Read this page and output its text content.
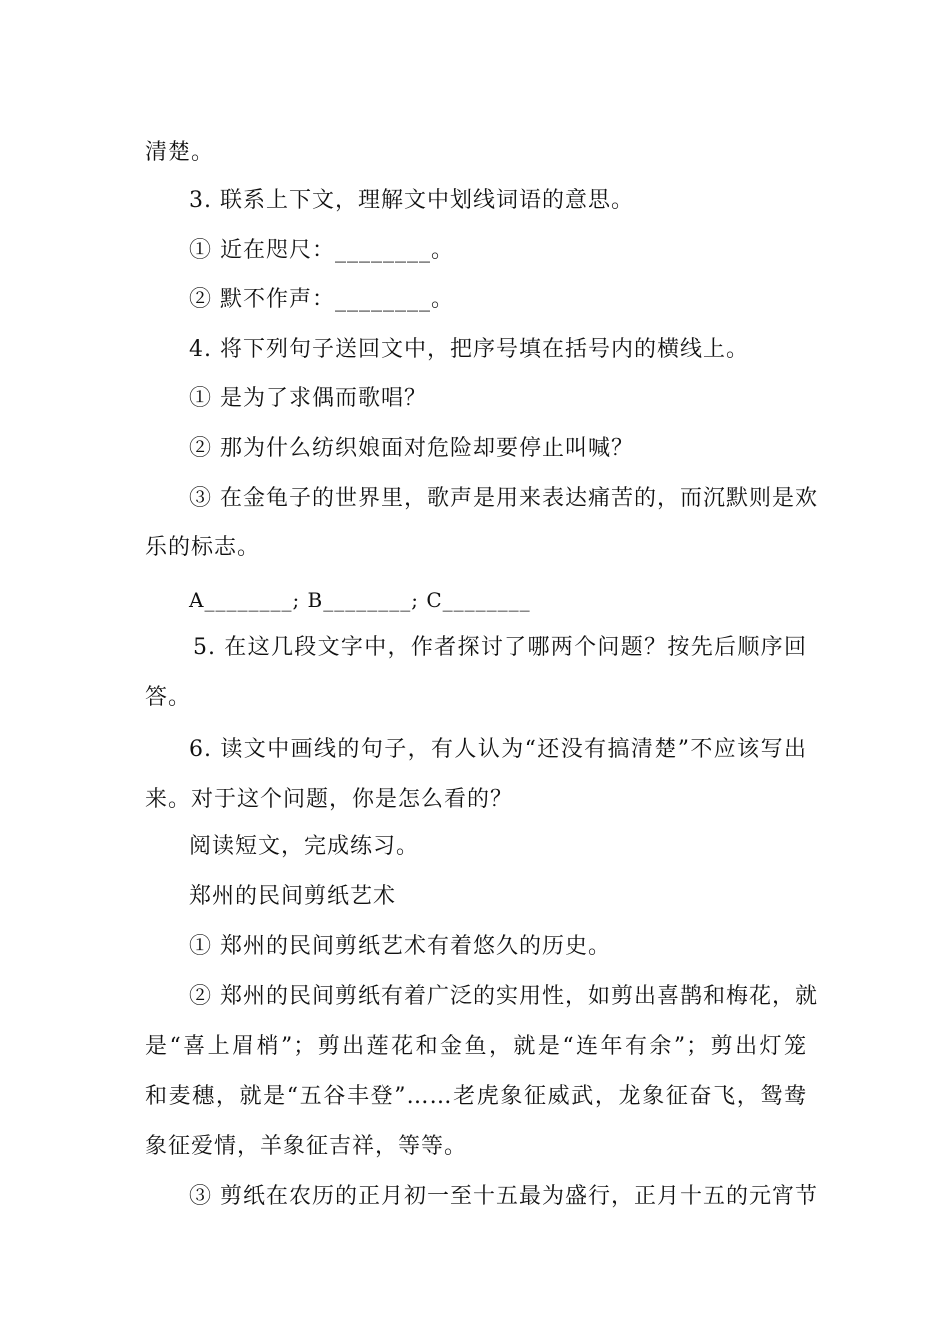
清楚。
3. 联系上下文，理解文中划线词语的意思。
① 近在咫尺：________。
② 默不作声：________。
4. 将下列句子送回文中，把序号填在括号内的横线上。
① 是为了求偶而歌唱？
② 那为什么纺织娘面对危险却要停止叫喊？
③ 在金龟子的世界里，歌声是用来表达痛苦的，而沉默则是欢
乐的标志。
A________; B________; C________
5. 在这几段文字中，作者探讨了哪两个问题？按先后顺序回
答。
6. 读文中画线的句子，有人认为“还没有搞清楚”不应该写出
来。对于这个问题，你是怎么看的？
阅读短文，完成练习。
郑州的民间剪纸艺术
① 郑州的民间剪纸艺术有着悠久的历史。
② 郑州的民间剪纸有着广泛的实用性，如剪出喜鹊和梅花，就
是“喜上眉梢”；剪出莲花和金鱼，就是“连年有余”；剪出灯笼
和麦穗，就是“五谷丰登”……老虎象征威武，龙象征奋飞，鸳鸯
象征爱情，羊象征吉祥，等等。
③ 剪纸在农历的正月初一至十五最为盛行，正月十五的元宵节
